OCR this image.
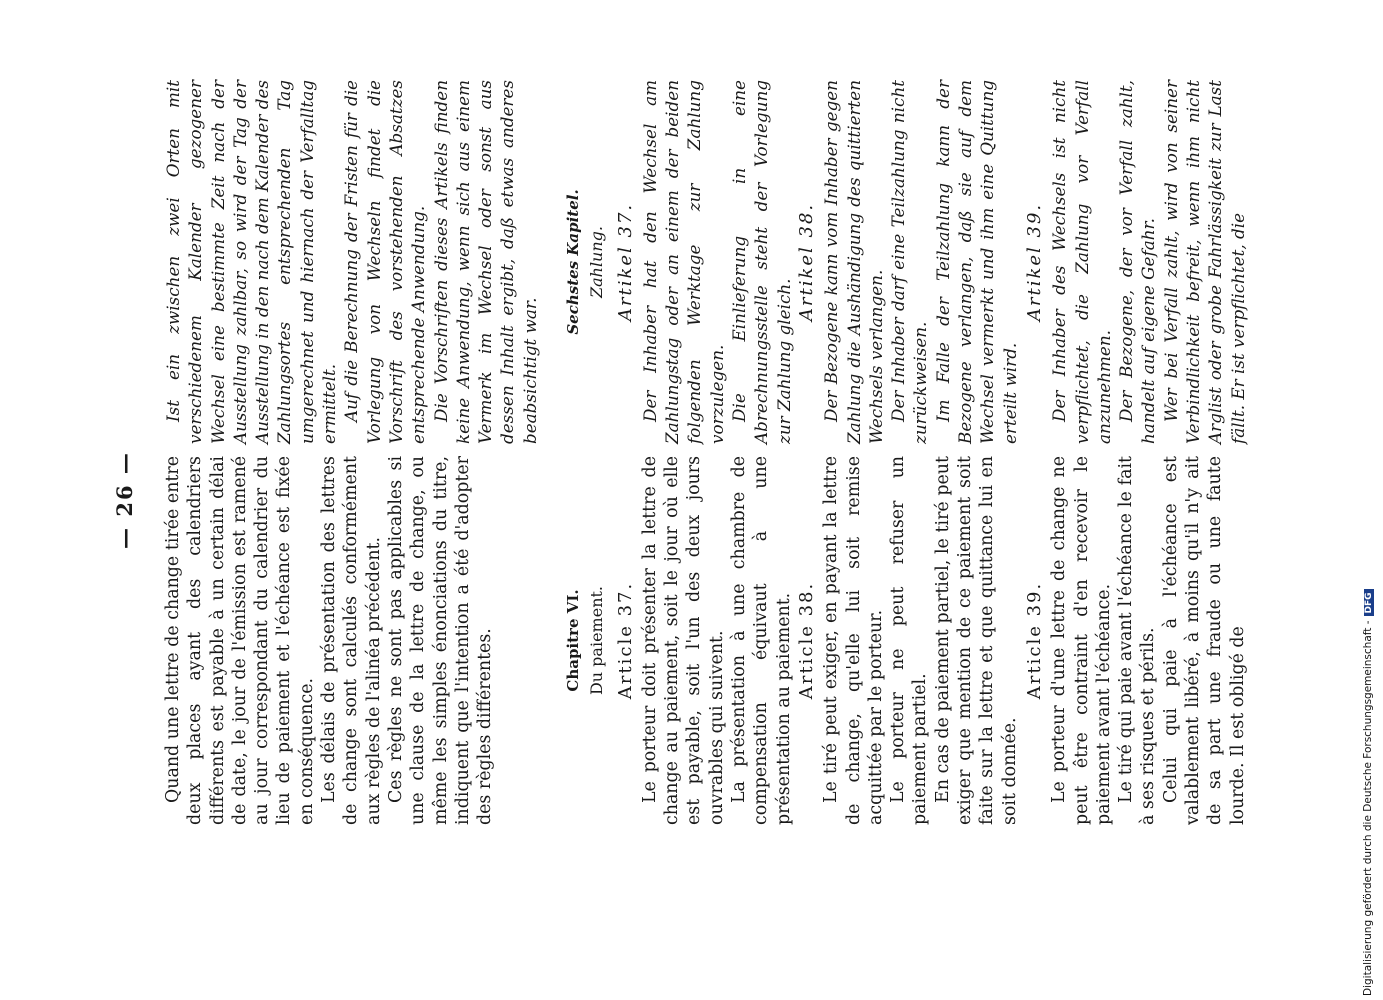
— 26 — Quand une lettre de change tirée entre deux places ayant des calendriers différents est payable à un certain délai de date, le jour de l'émission est ramené au jour correspondant du calendrier du lieu de paiement et l'échéance est fixée en conséquence. Les délais de présentation des lettres de change sont calculés conformément aux règles de l'alinéa précédent. Ces règles ne sont pas applicables si une clause de la lettre de change, ou même les simples énonciations du titre, indiquent que l'intention a été d'adopter des règles différentes.	Chapitre VI. Du paiement. Article 37. Le porteur doit présenter la lettre de change au paiement, soit le jour où elle est payable, soit l'un des deux jours ouvrables qui suivent. La présentation à une chambre de compensation équivaut à une présentation au paiement. Article 38. Le tiré peut exiger, en payant la lettre de change, qu'elle lui soit remise acquittée par le porteur. Le porteur ne peut refuser un paiement partiel. En cas de paiement partiel, le tiré peut exiger que mention de ce paiement soit faite sur la lettre et que quittance lui en soit donnée.

Article 39. Le porteur d'une lettre de change ne peut être contraint d'en recevoir le paiement avant l'échéance. Le tiré qui paie avant l'échéance le fait à ses risques et périls. Celui qui paie à l'échéance est valablement libéré, à moins qu'il n'y ait de sa part une fraude ou une faute lourde. Il est obligé de

Ist ein zwischen zwei Orten mit verschiedenem Kalender gezogener Wechsel eine bestimmte Zeit nach der Ausstellung zahlbar, so wird der Tag der Ausstellung in den nach dem Kalender des Zahlungsortes entsprechenden Tag umgerechnet und hiernach der Verfalltag ermittelt. Auf die Berechnung der Fristen für die Vorlegung von Wechseln findet die Vorschrift des vorstehenden Absatzes entsprechende Anwendung. Die Vorschriften dieses Artikels finden keine Anwendung, wenn sich aus einem Vermerk im Wechsel oder sonst aus dessen Inhalt ergibt, daß etwas anderes beabsichtigt war.

Sechstes Kapitel. Zahlung. Artikel 37. Der Inhaber hat den Wechsel am Zahlungstag oder an einem der beiden folgenden Werktage zur Zahlung vorzulegen. Die Einlieferung in eine Abrechnungsstelle steht der Vorlegung zur Zahlung gleich.

Artikel 38. Der Bezogene kann vom Inhaber gegen Zahlung die Aushändigung des quittierten Wechsels verlangen. Der Inhaber darf eine Teilzahlung nicht zurückweisen. Im Falle der Teilzahlung kann der Bezogene verlangen, daß sie auf dem Wechsel vermerkt und ihm eine Quittung erteilt wird.

Artikel 39. Der Inhaber des Wechsels ist nicht verpflichtet, die Zahlung vor Verfall anzunehmen. Der Bezogene, der vor Verfall zahlt, handelt auf eigene Gefahr. Wer bei Verfall zahlt, wird von seiner Verbindlichkeit befreit, wenn ihm nicht Arglist oder grobe Fahrlässigkeit zur Last fällt. Er ist verpflichtet, die

Digitalisierung gefördert durch die Deutsche Forschungsgemeinschaft -DFG
